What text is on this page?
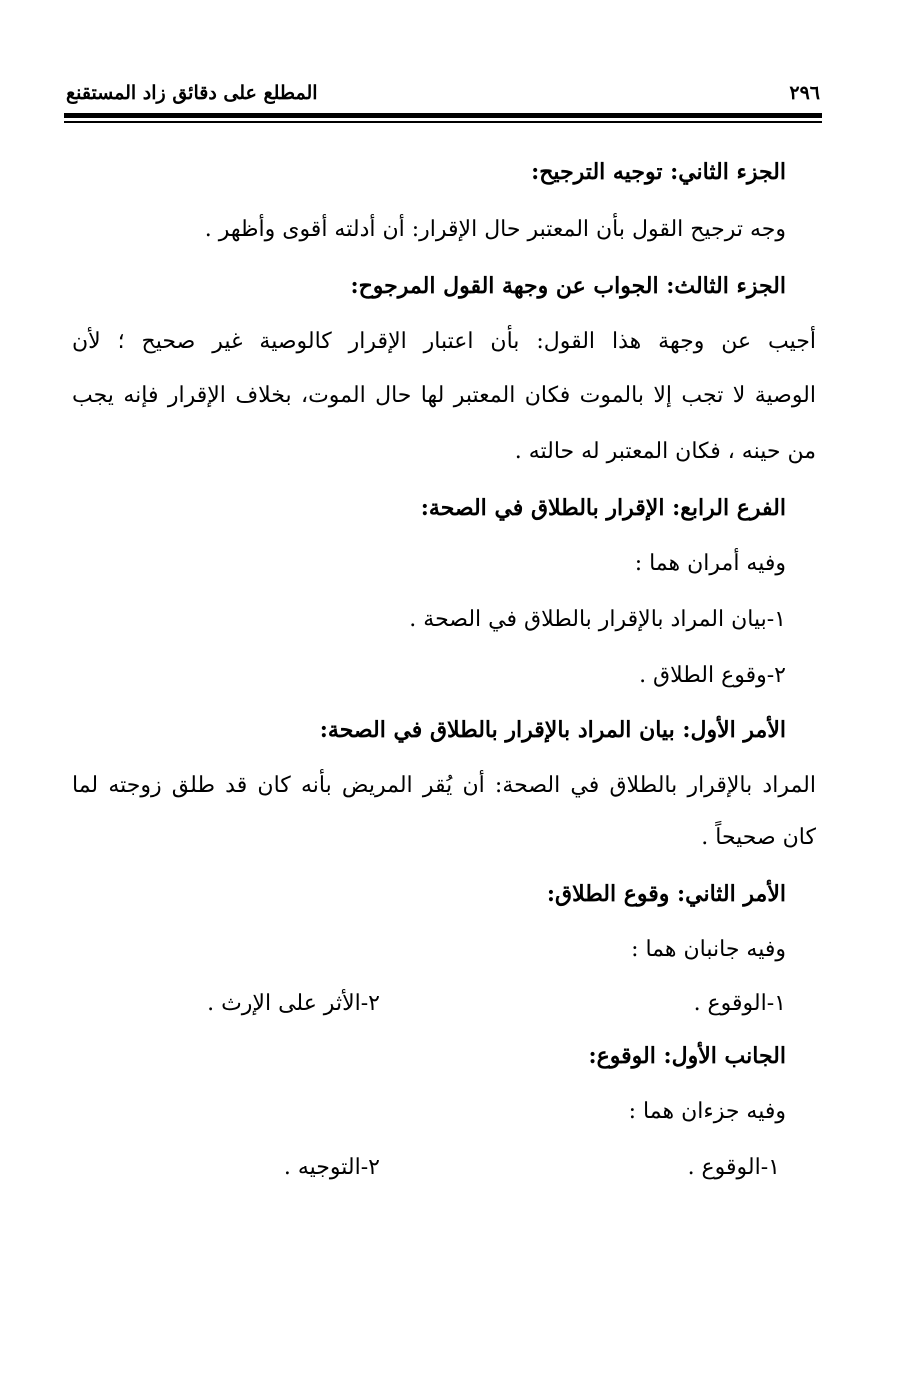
٢٩٦
المطلع على دقائق زاد المستقنع
الجزء الثاني: توجيه الترجيح:
وجه ترجيح القول بأن المعتبر حال الإقرار: أن أدلته أقوى وأظهر .
الجزء الثالث: الجواب عن وجهة القول المرجوح:
أجيب عن وجهة هذا القول: بأن اعتبار الإقرار كالوصية غير صحيح ؛ لأن
الوصية لا تجب إلا بالموت فكان المعتبر لها حال الموت، بخلاف الإقرار فإنه يجب
من حينه ، فكان المعتبر له حالته .
الفرع الرابع: الإقرار بالطلاق في الصحة:
وفيه أمران هما :
١-بيان المراد بالإقرار بالطلاق في الصحة .
٢-وقوع الطلاق .
الأمر الأول: بيان المراد بالإقرار بالطلاق في الصحة:
المراد بالإقرار بالطلاق في الصحة: أن يُقر المريض بأنه كان قد طلق زوجته لما
كان صحيحاً .
الأمر الثاني: وقوع الطلاق:
وفيه جانبان هما :
١-الوقوع .
٢-الأثر على الإرث .
الجانب الأول: الوقوع:
وفيه جزءان هما :
١-الوقوع .
٢-التوجيه .
